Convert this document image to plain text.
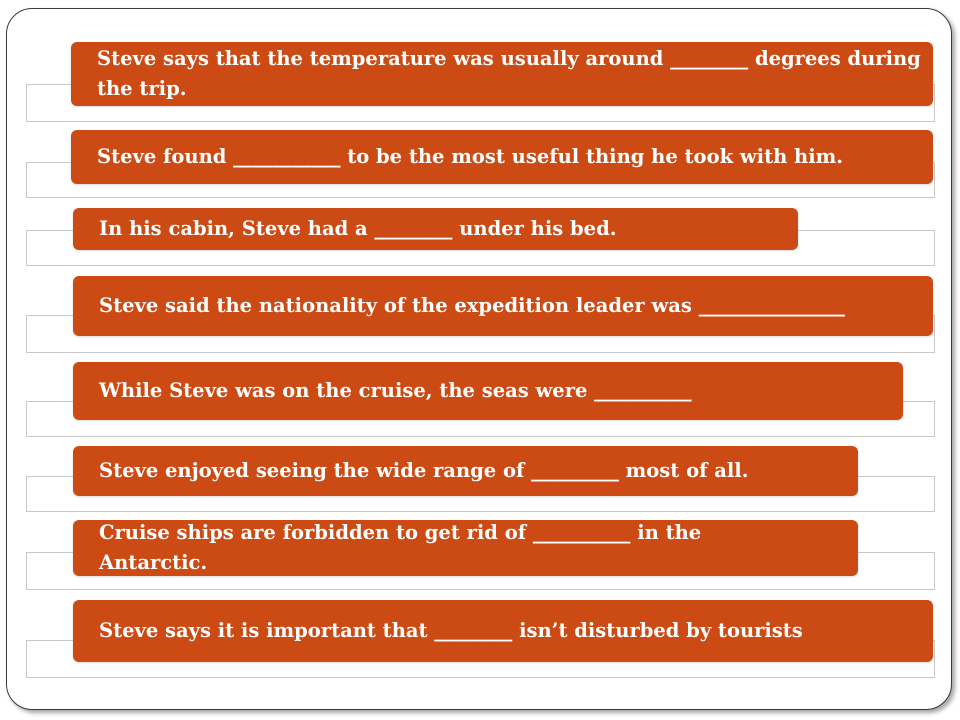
Steve says that the temperature was usually around ________ degrees during the trip.
Steve found ___________ to be the most useful thing he took with him.
In his cabin, Steve had a ________ under his bed.
Steve said the nationality of the expedition leader was _______________
While Steve was on the cruise, the seas were __________
Steve enjoyed seeing the wide range of _________ most of all.
Cruise ships are forbidden to get rid of __________ in the Antarctic.
Steve says it is important that ________ isn’t disturbed by tourists
